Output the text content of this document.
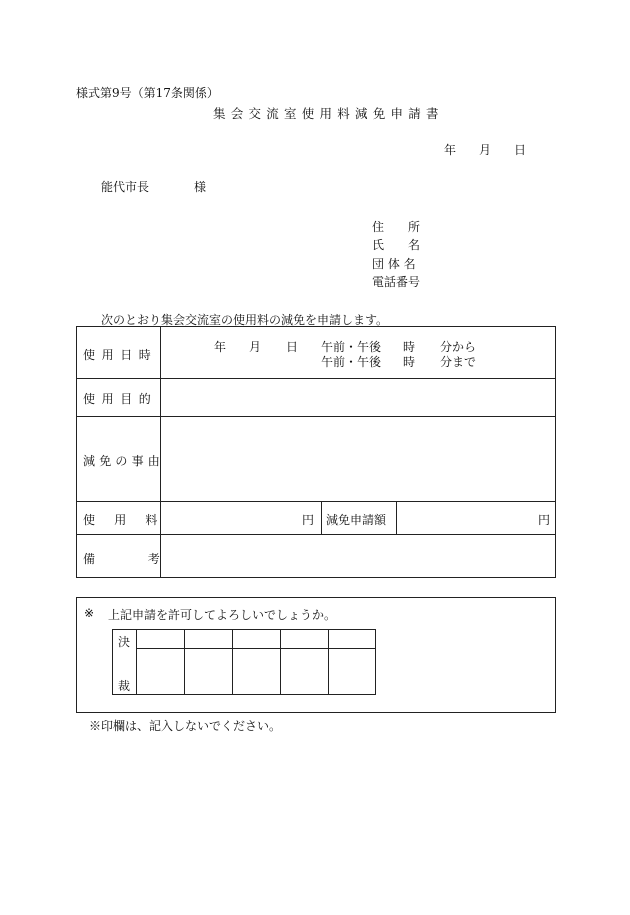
様式第9号（第17条関係）
集会交流室使用料減免申請書
年 月 日
能代市長	様
住　　所
氏　　名
団 体 名
電話番号
次のとおり集会交流室の使用料の減免を申請します。
使用日時
年 月 日 午前・午後 時 分から
午前・午後 時 分まで
使用目的
減免の事由
使用料	円 減免申請額	円
備考
※ 上記申請を許可してよろしいでしょうか。
決
裁
※印欄は、記入しないでください。
